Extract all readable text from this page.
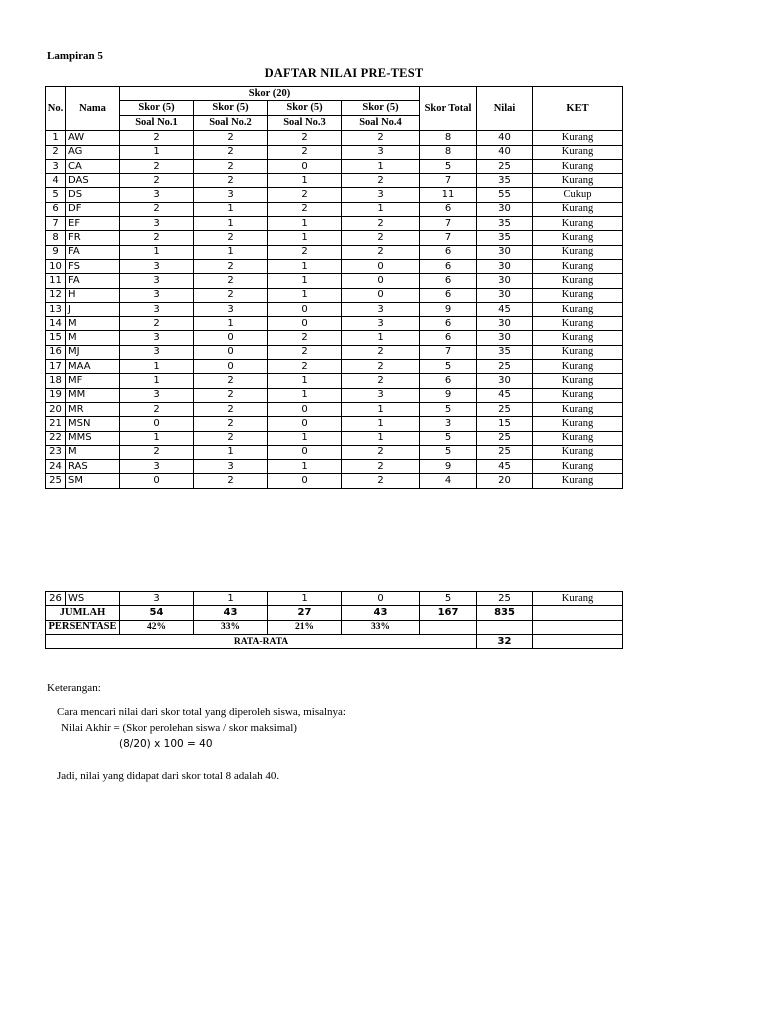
Lampiran 5
DAFTAR NILAI PRE-TEST
No.	Nama	Skor (20)				Skor Total	Nilai	KET
		Skor (5)	Skor (5)	Skor (5)	Skor (5)			
		Soal No.1	Soal No.2	Soal No.3	Soal No.4			
1	AW	2	2	2	2	8	40	Kurang
2	AG	1	2	2	3	8	40	Kurang
3	CA	2	2	0	1	5	25	Kurang
4	DAS	2	2	1	2	7	35	Kurang
5	DS	3	3	2	3	11	55	Cukup
6	DF	2	1	2	1	6	30	Kurang
7	EF	3	1	1	2	7	35	Kurang
8	FR	2	2	1	2	7	35	Kurang
9	FA	1	1	2	2	6	30	Kurang
10	FS	3	2	1	0	6	30	Kurang
11	FA	3	2	1	0	6	30	Kurang
12	H	3	2	1	0	6	30	Kurang
13	J	3	3	0	3	9	45	Kurang
14	M	2	1	0	3	6	30	Kurang
15	M	3	0	2	1	6	30	Kurang
16	MJ	3	0	2	2	7	35	Kurang
17	MAA	1	0	2	2	5	25	Kurang
18	MF	1	2	1	2	6	30	Kurang
19	MM	3	2	1	3	9	45	Kurang
20	MR	2	2	0	1	5	25	Kurang
21	MSN	0	2	0	1	3	15	Kurang
22	MMS	1	2	1	1	5	25	Kurang
23	M	2	1	0	2	5	25	Kurang
24	RAS	3	3	1	2	9	45	Kurang
25	SM	0	2	0	2	4	20	Kurang
26	WS	3	1	1	0	5	25	Kurang
JUMLAH		54	43	27	43	167	835	
PERSENTASE		42%	33%	21%	33%			
RATA-RATA							32	
Keterangan:
Cara mencari nilai dari skor total yang diperoleh siswa, misalnya:
Nilai Akhir = (Skor perolehan siswa / skor maksimal)
(8/20) x 100 = 40
Jadi, nilai yang didapat dari skor total 8 adalah 40.
